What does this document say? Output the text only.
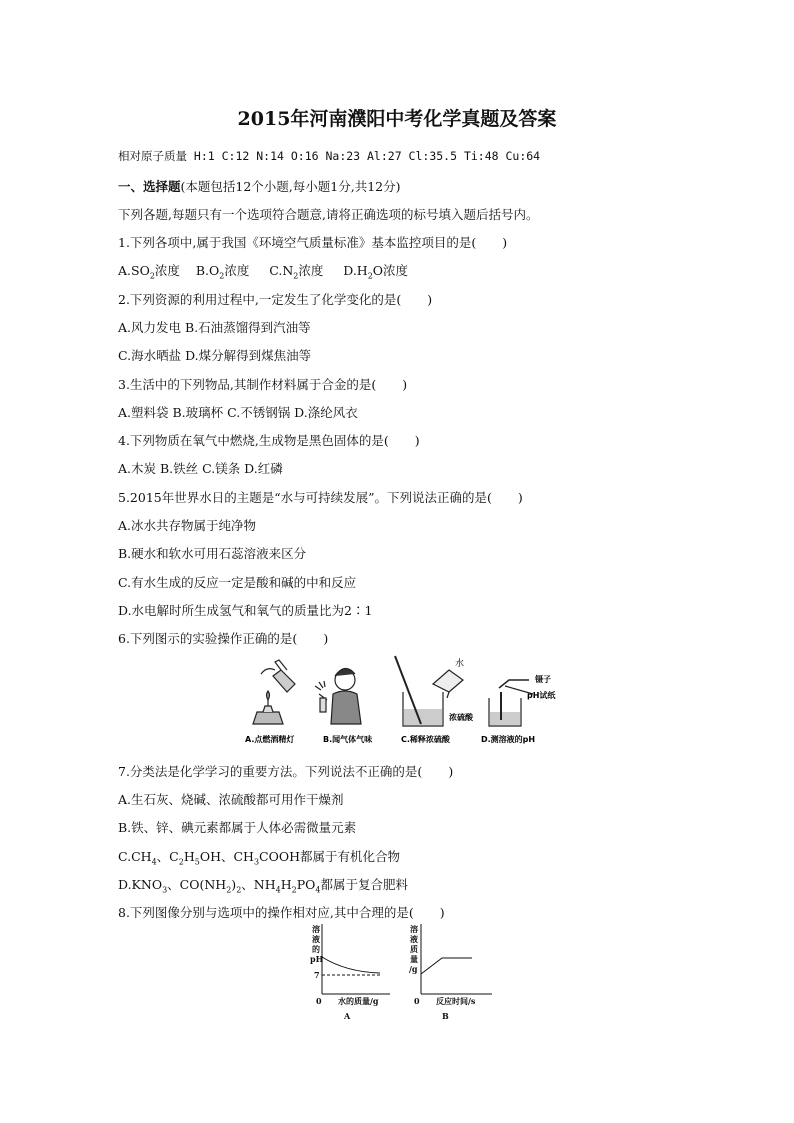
2015年河南濮阳中考化学真题及答案
相对原子质量 H:1 C:12 N:14 O:16 Na:23 Al:27 Cl:35.5 Ti:48 Cu:64
一、选择题(本题包括12个小题,每小题1分,共12分)
下列各题,每题只有一个选项符合题意,请将正确选项的标号填入题后括号内。
1.下列各项中,属于我国《环境空气质量标准》基本监控项目的是( )
$A.SO_2$浓度 $B.O_2$浓度 $C.N_2$浓度 $D.H_2O$浓度
2.下列资源的利用过程中,一定发生了化学变化的是( )
A.风力发电 B.石油蒸馏得到汽油等
C.海水晒盐 D.煤分解得到煤焦油等
3.生活中的下列物品,其制作材料属于合金的是( )
A.塑料袋 B.玻璃杯 C.不锈钢锅 D.涤纶风衣
4.下列物质在氧气中燃烧,生成物是黑色固体的是( )
A.木炭 B.铁丝 C.镁条 D.红磷
5.2015年世界水日的主题是“水与可持续发展”。下列说法正确的是( )
A.冰水共存物属于纯净物
B.硬水和软水可用石蕊溶液来区分
C.有水生成的反应一定是酸和碱的中和反应
D.水电解时所生成氢气和氧气的质量比为2∶1
6.下列图示的实验操作正确的是( )
水
浓硫酸
镊子
pH试纸
A.点燃酒精灯	B.闻气体气味	C.稀释浓硫酸	D.测溶液的pH
7.分类法是化学学习的重要方法。下列说法不正确的是( )
A.生石灰、烧碱、浓硫酸都可用作干燥剂
B.铁、锌、碘元素都属于人体必需微量元素
$C.CH_4$、$C_2H_5OH$、$CH_3COOH$都属于有机化合物
$D.KNO_3$、$CO(NH_2)_2$、$NH_4H_2PO_4$都属于复合肥料
8.下列图像分别与选项中的操作相对应,其中合理的是( )
溶
液
的
pH
7
0 水的质量/g
A
溶
液
质
量
/g
0 反应时间/s
B
